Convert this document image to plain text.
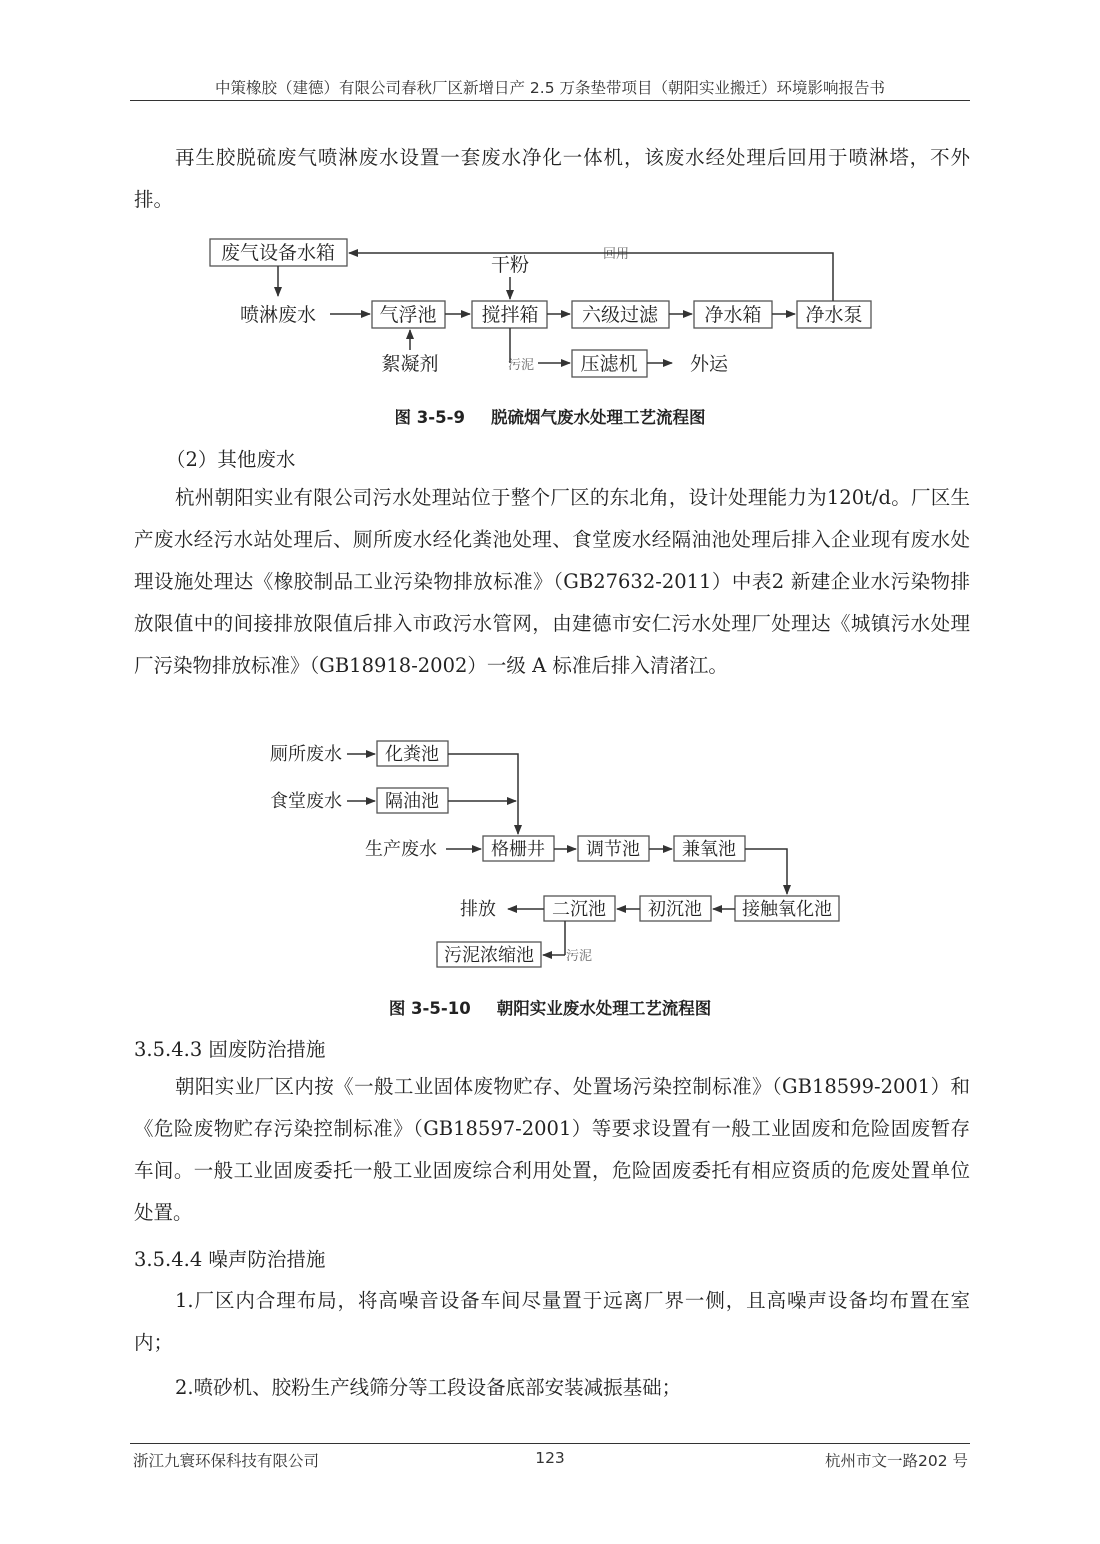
中策橡胶（建德）有限公司春秋厂区新增日产 2.5 万条垫带项目（朝阳实业搬迁）环境影响报告书

再生胶脱硫废气喷淋废水设置一套废水净化一体机，该废水经处理后回用于喷淋塔，不外排。

废气设备水箱
喷淋废水	气浮池
干粉
搅拌箱 六级过滤 净水箱 净水泵
絮凝剂	压滤机	外运
回用
污泥
图 3-5-9 脱硫烟气废水处理工艺流程图
（2）其他废水

杭州朝阳实业有限公司污水处理站位于整个厂区的东北角，设计处理能力为120t/d。厂区生产废水经污水站处理后、厕所废水经化粪池处理、食堂废水经隔油池处理后排入企业现有废水处理设施处理达《橡胶制品工业污染物排放标准》（GB27632-2011）中表2 新建企业水污染物排放限值中的间接排放限值后排入市政污水管网，由建德市安仁污水处理厂处理达《城镇污水处理厂污染物排放标准》（GB18918-2002）一级 A 标准后排入清渚江。

厕所废水 化粪池
食堂废水 隔油池
生产废水	格栅井 调节池 兼氧池
接触氧化池
初沉池
二沉池
排放
污泥浓缩池 污泥
图 3-5-10 朝阳实业废水处理工艺流程图
3.5.4.3 固废防治措施

朝阳实业厂区内按《一般工业固体废物贮存、处置场污染控制标准》（GB18599-2001）和《危险废物贮存污染控制标准》（GB18597-2001）等要求设置有一般工业固废和危险固废暂存车间。一般工业固废委托一般工业固废综合利用处置，危险固废委托有相应资质的危废处置单位处置。

3.5.4.4 噪声防治措施

1.厂区内合理布局，将高噪音设备车间尽量置于远离厂界一侧，且高噪声设备均布置在室内；

2.喷砂机、胶粉生产线筛分等工段设备底部安装减振基础；

浙江九寰环保科技有限公司	123	杭州市文一路202 号
